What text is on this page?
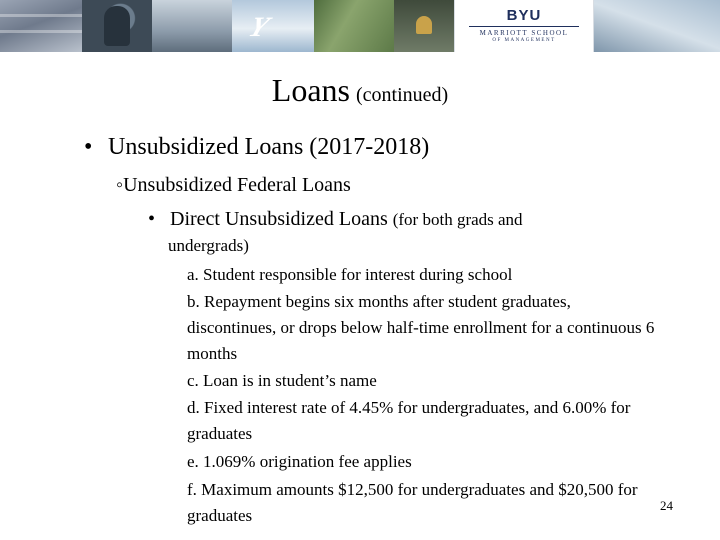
Y	BYU
MARRIOTT SCHOOL
OF MANAGEMENT
Loans (continued)
• Unsubsidized Loans (2017-2018)
◦Unsubsidized Federal Loans
• Direct Unsubsidized Loans (for both grads and
undergrads)
a. Student responsible for interest during school
b. Repayment begins six months after student graduates, discontinues, or drops below half-time enrollment for a continuous 6 months
c. Loan is in student’s name
d. Fixed interest rate of 4.45% for undergraduates, and 6.00% for graduates
e. 1.069% origination fee applies
f. Maximum amounts $12,500 for undergraduates and $20,500 for graduates
24
